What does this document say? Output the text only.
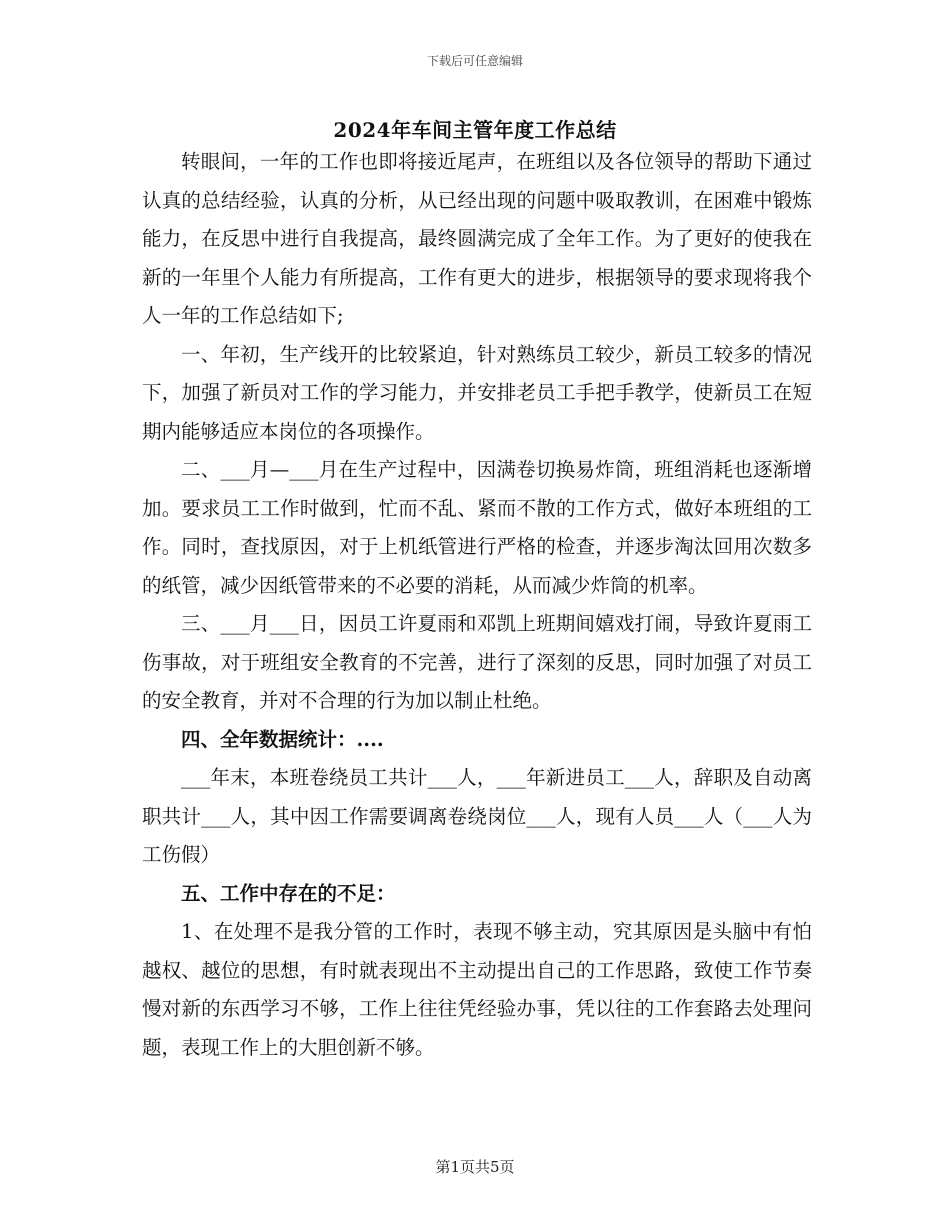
下载后可任意编辑
2024年车间主管年度工作总结

转眼间，一年的工作也即将接近尾声，在班组以及各位领导的帮助下通过认真的总结经验，认真的分析，从已经出现的问题中吸取教训，在困难中锻炼能力，在反思中进行自我提高，最终圆满完成了全年工作。为了更好的使我在新的一年里个人能力有所提高，工作有更大的进步，根据领导的要求现将我个人一年的工作总结如下;

一、年初，生产线开的比较紧迫，针对熟练员工较少，新员工较多的情况下，加强了新员对工作的学习能力，并安排老员工手把手教学，使新员工在短期内能够适应本岗位的各项操作。

二、___月—___月在生产过程中，因满卷切换易炸筒，班组消耗也逐渐增加。要求员工工作时做到，忙而不乱、紧而不散的工作方式，做好本班组的工作。同时，查找原因，对于上机纸管进行严格的检查，并逐步淘汰回用次数多的纸管，减少因纸管带来的不必要的消耗，从而减少炸筒的机率。

三、___月___日，因员工许夏雨和邓凯上班期间嬉戏打闹，导致许夏雨工伤事故，对于班组安全教育的不完善，进行了深刻的反思，同时加强了对员工的安全教育，并对不合理的行为加以制止杜绝。

四、全年数据统计：....

___年末，本班卷绕员工共计___人，___年新进员工___人，辞职及自动离职共计___人，其中因工作需要调离卷绕岗位___人，现有人员___人（___人为工伤假）

五、工作中存在的不足：

1、在处理不是我分管的工作时，表现不够主动，究其原因是头脑中有怕越权、越位的思想，有时就表现出不主动提出自己的工作思路，致使工作节奏慢对新的东西学习不够，工作上往往凭经验办事，凭以往的工作套路去处理问题，表现工作上的大胆创新不够。

第1页共5页
